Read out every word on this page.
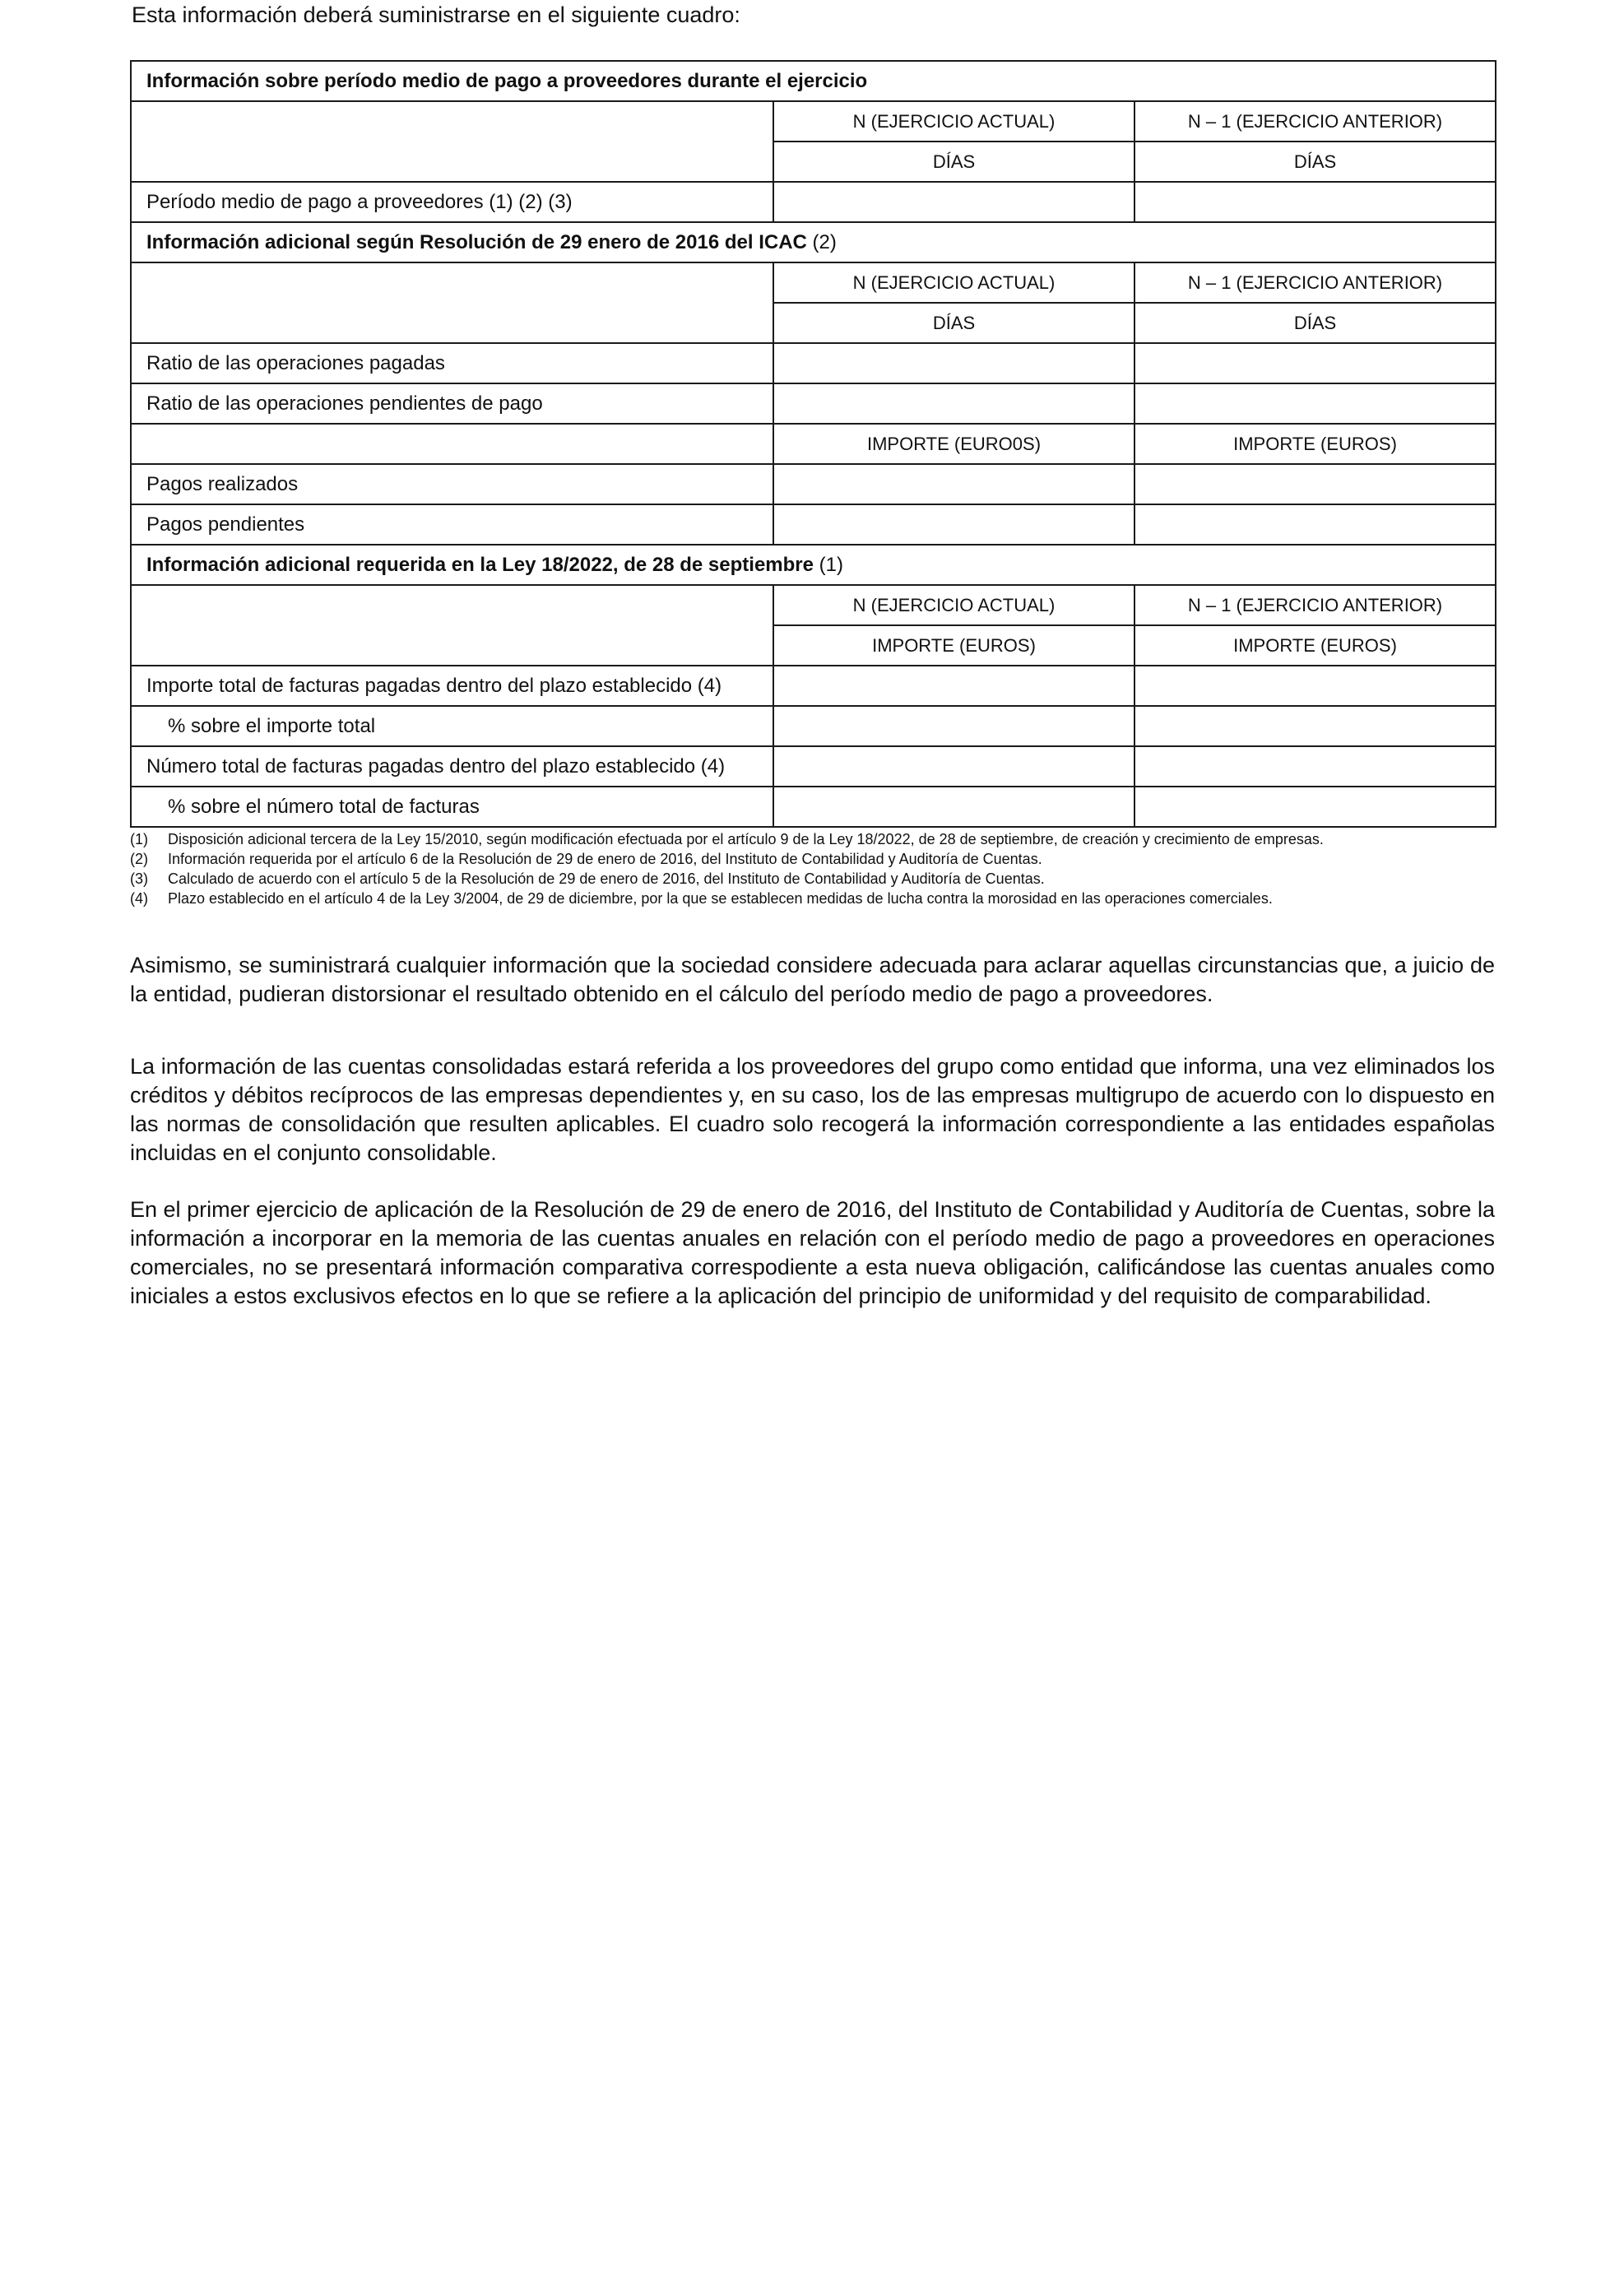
Esta información deberá suministrarse en el siguiente cuadro:
Información sobre período medio de pago a proveedores durante el ejercicio		
	N (EJERCICIO ACTUAL)	N – 1 (EJERCICIO ANTERIOR)
	DÍAS	DÍAS
Período medio de pago a proveedores (1) (2) (3)		
Información adicional según Resolución de 29 enero de 2016 del ICAC (2)		
	N (EJERCICIO ACTUAL)	N – 1 (EJERCICIO ANTERIOR)
	DÍAS	DÍAS
Ratio de las operaciones pagadas		
Ratio de las operaciones pendientes de pago		
	IMPORTE (EURO0S)	IMPORTE (EUROS)
Pagos realizados		
Pagos pendientes		
Información adicional requerida en la Ley 18/2022, de 28 de septiembre (1)		
	N (EJERCICIO ACTUAL)	N – 1 (EJERCICIO ANTERIOR)
	IMPORTE (EUROS)	IMPORTE (EUROS)
Importe total de facturas pagadas dentro del plazo establecido (4)		
% sobre el importe total		
Número total de facturas pagadas dentro del plazo establecido (4)		
% sobre el número total de facturas		
(1)	Disposición adicional tercera de la Ley 15/2010, según modificación efectuada por el artículo 9 de la Ley 18/2022, de 28 de septiembre, de creación y crecimiento de empresas.
(2)	Información requerida por el artículo 6 de la Resolución de 29 de enero de 2016, del Instituto de Contabilidad y Auditoría de Cuentas.
(3)	Calculado de acuerdo con el artículo 5 de la Resolución de 29 de enero de 2016, del Instituto de Contabilidad y Auditoría de Cuentas.
(4)	Plazo establecido en el artículo 4 de la Ley 3/2004, de 29 de diciembre, por la que se establecen medidas de lucha contra la morosidad en las operaciones comerciales.

Asimismo, se suministrará cualquier información que la sociedad considere adecuada para aclarar aquellas circunstancias que, a juicio de la entidad, pudieran distorsionar el resultado obtenido en el cálculo del período medio de pago a proveedores.

La información de las cuentas consolidadas estará referida a los proveedores del grupo como entidad que informa, una vez eliminados los créditos y débitos recíprocos de las empresas dependientes y, en su caso, los de las empresas multigrupo de acuerdo con lo dispuesto en las normas de consolidación que resulten aplicables. El cuadro solo recogerá la información correspondiente a las entidades españolas incluidas en el conjunto consolidable.

En el primer ejercicio de aplicación de la Resolución de 29 de enero de 2016, del Instituto de Contabilidad y Auditoría de Cuentas, sobre la información a incorporar en la memoria de las cuentas anuales en relación con el período medio de pago a proveedores en operaciones comerciales, no se presentará información comparativa correspodiente a esta nueva obligación, calificándose las cuentas anuales como iniciales a estos exclusivos efectos en lo que se refiere a la aplicación del principio de uniformidad y del requisito de comparabilidad.
